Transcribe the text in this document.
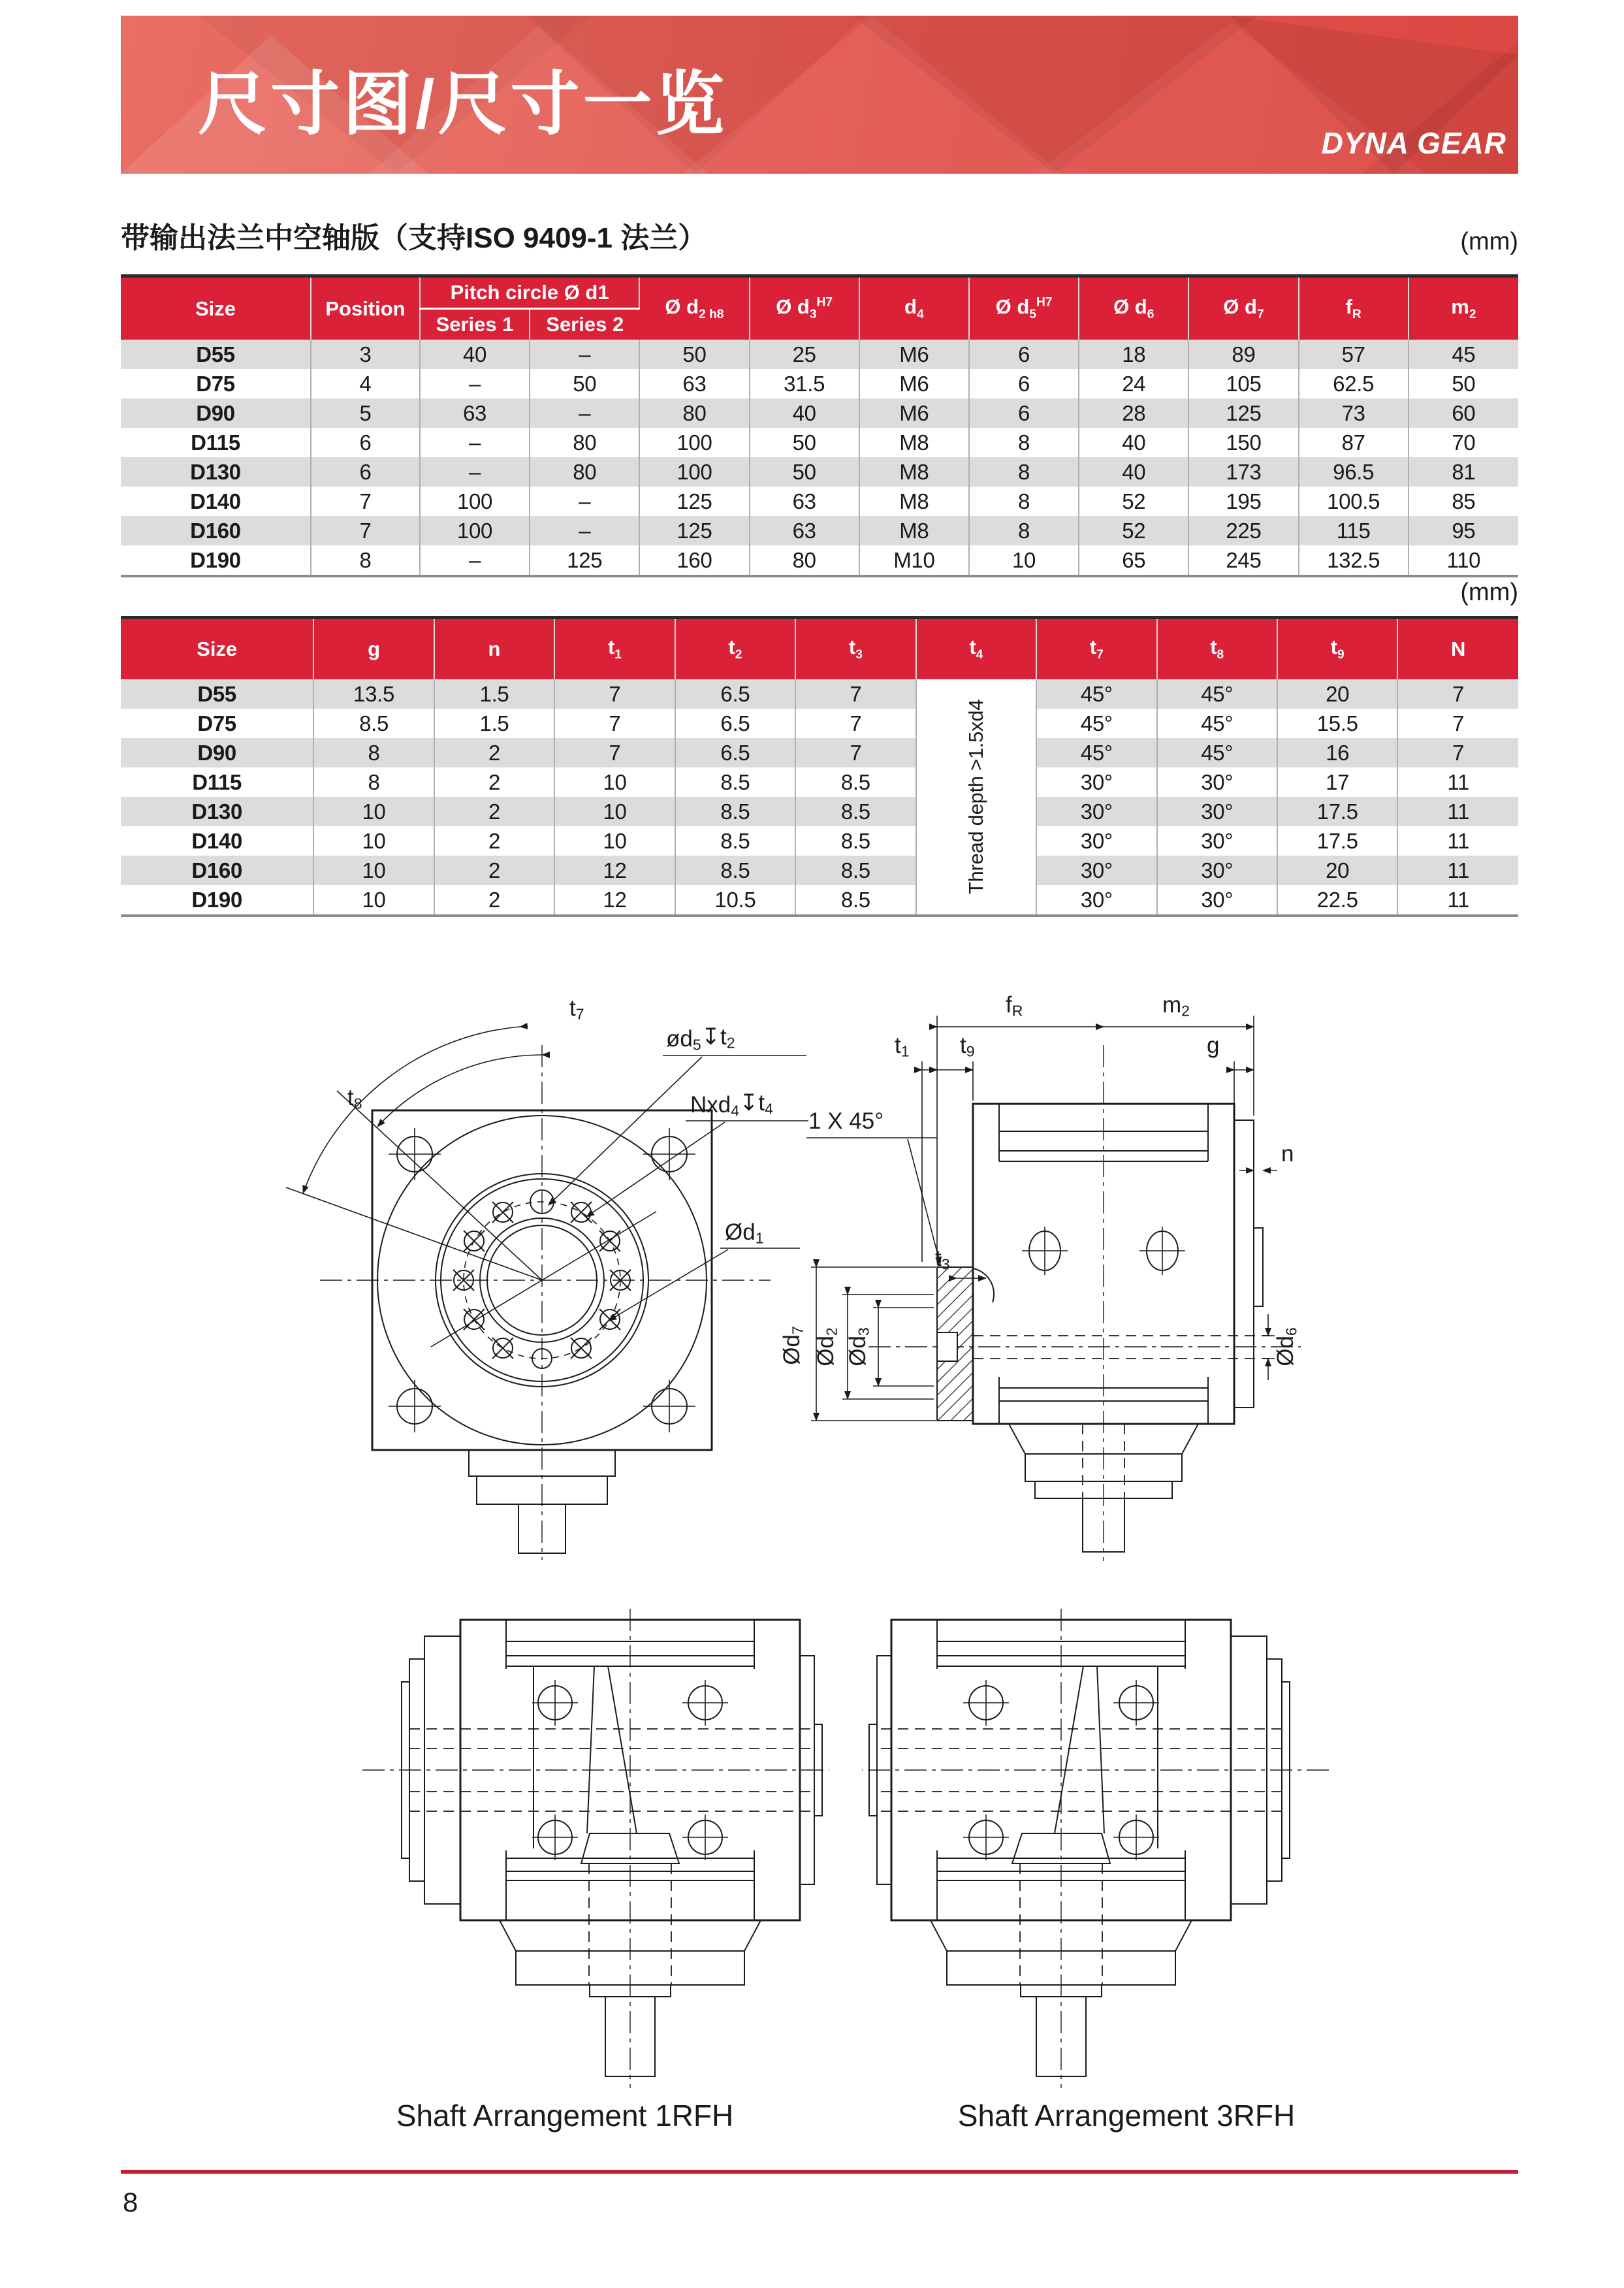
尺寸图/尺寸一览	DYNA GEAR
带输出法兰中空轴版（支持ISO 9409-1 法兰）	(mm)
Size	Position	Pitch circle Ø d1		Ø $d_{2 h8}$	Ø $d_3^{H7}$	$d_4$	Ø $d_5^{H7}$	Ø $d_6$	Ø $d_7$	$f_R$	$m_2$
		Series 1	Series 2								
D55	3	40	–	50	25	M6	6	18	89	57	45
D75	4	–	50	63	31.5	M6	6	24	105	62.5	50
D90	5	63	–	80	40	M6	6	28	125	73	60
D115	6	–	80	100	50	M8	8	40	150	87	70
D130	6	–	80	100	50	M8	8	40	173	96.5	81
D140	7	100	–	125	63	M8	8	52	195	100.5	85
D160	7	100	–	125	63	M8	8	52	225	115	95
D190	8	–	125	160	80	M10	10	65	245	132.5	110
(mm)
Size	g	n	$t_1$	$t_2$	$t_3$	$t_4$	$t_7$	$t_8$	$t_9$	N
D55	13.5	1.5	7	6.5	7	Thread depth >1.5xd4	45°	45°	20	7
D75	8.5	1.5	7	6.5	7		45°	45°	15.5	7
D90	8	2	7	6.5	7		45°	45°	16	7
D115	8	2	10	8.5	8.5		30°	30°	17	11
D130	10	2	10	8.5	8.5		30°	30°	17.5	11
D140	10	2	10	8.5	8.5		30°	30°	17.5	11
D160	10	2	12	8.5	8.5		30°	30°	20	11
D190	10	2	12	10.5	8.5		30°	30°	22.5	11
t7
t8
ød5↧t2
Nxd4↧t4
Ød1
fR	m2
t1 t9	g
n
1 X 45°
Ød7
Ød2
Ød3
t3
Ød6
Shaft Arrangement 1RFH	Shaft Arrangement 3RFH
8
